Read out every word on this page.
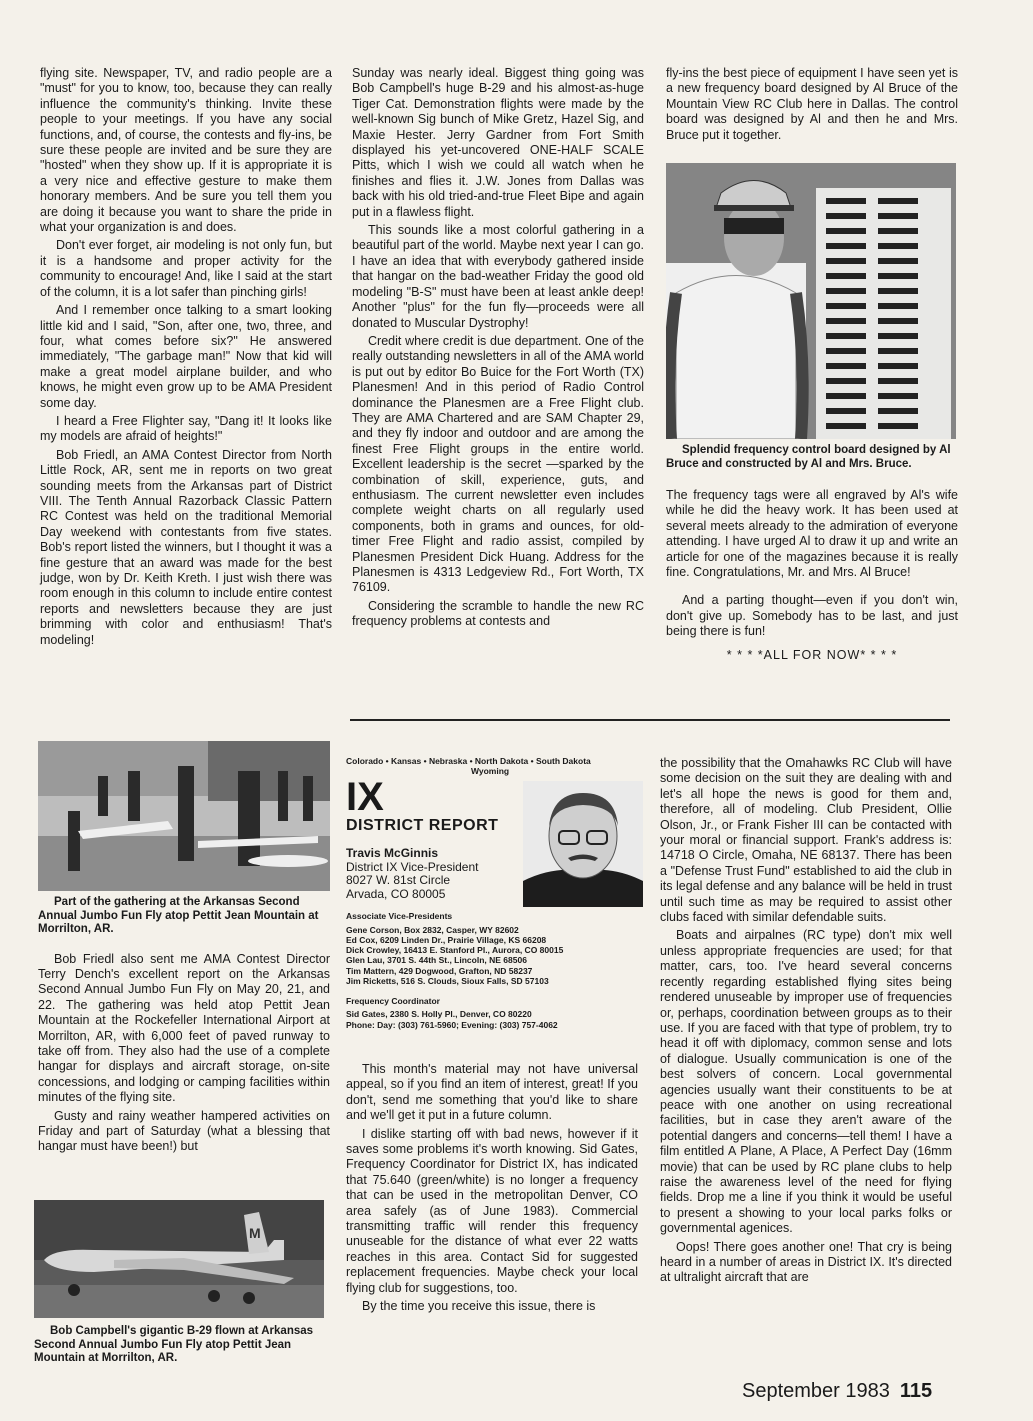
flying site. Newspaper, TV, and radio people are a "must" for you to know, too, because they can really influence the community's thinking. Invite these people to your meetings. If you have any social functions, and, of course, the contests and fly-ins, be sure these people are invited and be sure they are "hosted" when they show up. If it is appropriate it is a very nice and effective gesture to make them honorary members. And be sure you tell them you are doing it because you want to share the pride in what your organization is and does.

Don't ever forget, air modeling is not only fun, but it is a handsome and proper activity for the community to encourage! And, like I said at the start of the column, it is a lot safer than pinching girls!

And I remember once talking to a smart looking little kid and I said, "Son, after one, two, three, and four, what comes before six?" He answered immediately, "The garbage man!" Now that kid will make a great model airplane builder, and who knows, he might even grow up to be AMA President some day.

I heard a Free Flighter say, "Dang it! It looks like my models are afraid of heights!"

Bob Friedl, an AMA Contest Director from North Little Rock, AR, sent me in reports on two great sounding meets from the Arkansas part of District VIII. The Tenth Annual Razorback Classic Pattern RC Contest was held on the traditional Memorial Day weekend with contestants from five states. Bob's report listed the winners, but I thought it was a fine gesture that an award was made for the best judge, won by Dr. Keith Kreth. I just wish there was room enough in this column to include entire contest reports and newsletters because they are just brimming with color and enthusiasm! That's modeling!

Sunday was nearly ideal. Biggest thing going was Bob Campbell's huge B-29 and his almost-as-huge Tiger Cat. Demonstration flights were made by the well-known Sig bunch of Mike Gretz, Hazel Sig, and Maxie Hester. Jerry Gardner from Fort Smith displayed his yet-uncovered ONE-HALF SCALE Pitts, which I wish we could all watch when he finishes and flies it. J.W. Jones from Dallas was back with his old tried-and-true Fleet Bipe and again put in a flawless flight.

This sounds like a most colorful gathering in a beautiful part of the world. Maybe next year I can go. I have an idea that with everybody gathered inside that hangar on the bad-weather Friday the good old modeling "B-S" must have been at least ankle deep! Another "plus" for the fun fly—proceeds were all donated to Muscular Dystrophy!

Credit where credit is due department. One of the really outstanding newsletters in all of the AMA world is put out by editor Bo Buice for the Fort Worth (TX) Planesmen! And in this period of Radio Control dominance the Planesmen are a Free Flight club. They are AMA Chartered and are SAM Chapter 29, and they fly indoor and outdoor and are among the finest Free Flight groups in the entire world. Excellent leadership is the secret —sparked by the combination of skill, experience, guts, and enthusiasm. The current newsletter even includes complete weight charts on all regularly used components, both in grams and ounces, for old-timer Free Flight and radio assist, compiled by Planesmen President Dick Huang. Address for the Planesmen is 4313 Ledgeview Rd., Fort Worth, TX 76109.

Considering the scramble to handle the new RC frequency problems at contests and

fly-ins the best piece of equipment I have seen yet is a new frequency board designed by Al Bruce of the Mountain View RC Club here in Dallas. The control board was designed by Al and then he and Mrs. Bruce put it together.

Splendid frequency control board designed by Al Bruce and constructed by Al and Mrs. Bruce.

The frequency tags were all engraved by Al's wife while he did the heavy work. It has been used at several meets already to the admiration of everyone attending. I have urged Al to draw it up and write an article for one of the magazines because it is really fine. Congratulations, Mr. and Mrs. Al Bruce!

And a parting thought—even if you don't win, don't give up. Somebody has to be last, and just being there is fun!

* * * *ALL FOR NOW* * * *

Part of the gathering at the Arkansas Second Annual Jumbo Fun Fly atop Pettit Jean Mountain at Morrilton, AR.

Bob Friedl also sent me AMA Contest Director Terry Dench's excellent report on the Arkansas Second Annual Jumbo Fun Fly on May 20, 21, and 22. The gathering was held atop Pettit Jean Mountain at the Rockefeller International Airport at Morrilton, AR, with 6,000 feet of paved runway to take off from. They also had the use of a complete hangar for displays and aircraft storage, on-site concessions, and lodging or camping facilities within minutes of the flying site.

Gusty and rainy weather hampered activities on Friday and part of Saturday (what a blessing that hangar must have been!) but

M

Bob Campbell's gigantic B-29 flown at Arkansas Second Annual Jumbo Fun Fly atop Pettit Jean Mountain at Morrilton, AR.

Colorado • Kansas • Nebraska • North Dakota • South Dakota
Wyoming
IX
DISTRICT REPORT
Travis McGinnis
District IX Vice-President
8027 W. 81st Circle
Arvada, CO 80005
Associate Vice-Presidents
Gene Corson, Box 2832, Casper, WY 82602
Ed Cox, 6209 Linden Dr., Prairie Village, KS 66208
Dick Crowley, 16413 E. Stanford Pl., Aurora, CO 80015
Glen Lau, 3701 S. 44th St., Lincoln, NE 68506
Tim Mattern, 429 Dogwood, Grafton, ND 58237
Jim Ricketts, 516 S. Clouds, Sioux Falls, SD 57103
Frequency Coordinator
Sid Gates, 2380 S. Holly Pl., Denver, CO 80220
Phone: Day: (303) 761-5960; Evening: (303) 757-4062

This month's material may not have universal appeal, so if you find an item of interest, great! If you don't, send me something that you'd like to share and we'll get it put in a future column.

I dislike starting off with bad news, however if it saves some problems it's worth knowing. Sid Gates, Frequency Coordinator for District IX, has indicated that 75.640 (green/white) is no longer a frequency that can be used in the metropolitan Denver, CO area safely (as of June 1983). Commercial transmitting traffic will render this frequency unuseable for the distance of what ever 22 watts reaches in this area. Contact Sid for suggested replacement frequencies. Maybe check your local flying club for suggestions, too.

By the time you receive this issue, there is

the possibility that the Omahawks RC Club will have some decision on the suit they are dealing with and let's all hope the news is good for them and, therefore, all of modeling. Club President, Ollie Olson, Jr., or Frank Fisher III can be contacted with your moral or financial support. Frank's address is: 14718 O Circle, Omaha, NE 68137. There has been a "Defense Trust Fund" established to aid the club in its legal defense and any balance will be held in trust until such time as may be required to assist other clubs faced with similar defendable suits.

Boats and airpalnes (RC type) don't mix well unless appropriate frequencies are used; for that matter, cars, too. I've heard several concerns recently regarding established flying sites being rendered unuseable by improper use of frequencies or, perhaps, coordination between groups as to their use. If you are faced with that type of problem, try to head it off with diplomacy, common sense and lots of dialogue. Usually communication is one of the best solvers of concern. Local governmental agencies usually want their constituents to be at peace with one another on using recreational facilities, but in case they aren't aware of the potential dangers and concerns—tell them! I have a film entitled A Plane, A Place, A Perfect Day (16mm movie) that can be used by RC plane clubs to help raise the awareness level of the need for flying fields. Drop me a line if you think it would be useful to present a showing to your local parks folks or governmental agenices.

Oops! There goes another one! That cry is being heard in a number of areas in District IX. It's directed at ultralight aircraft that are

September 1983 115
